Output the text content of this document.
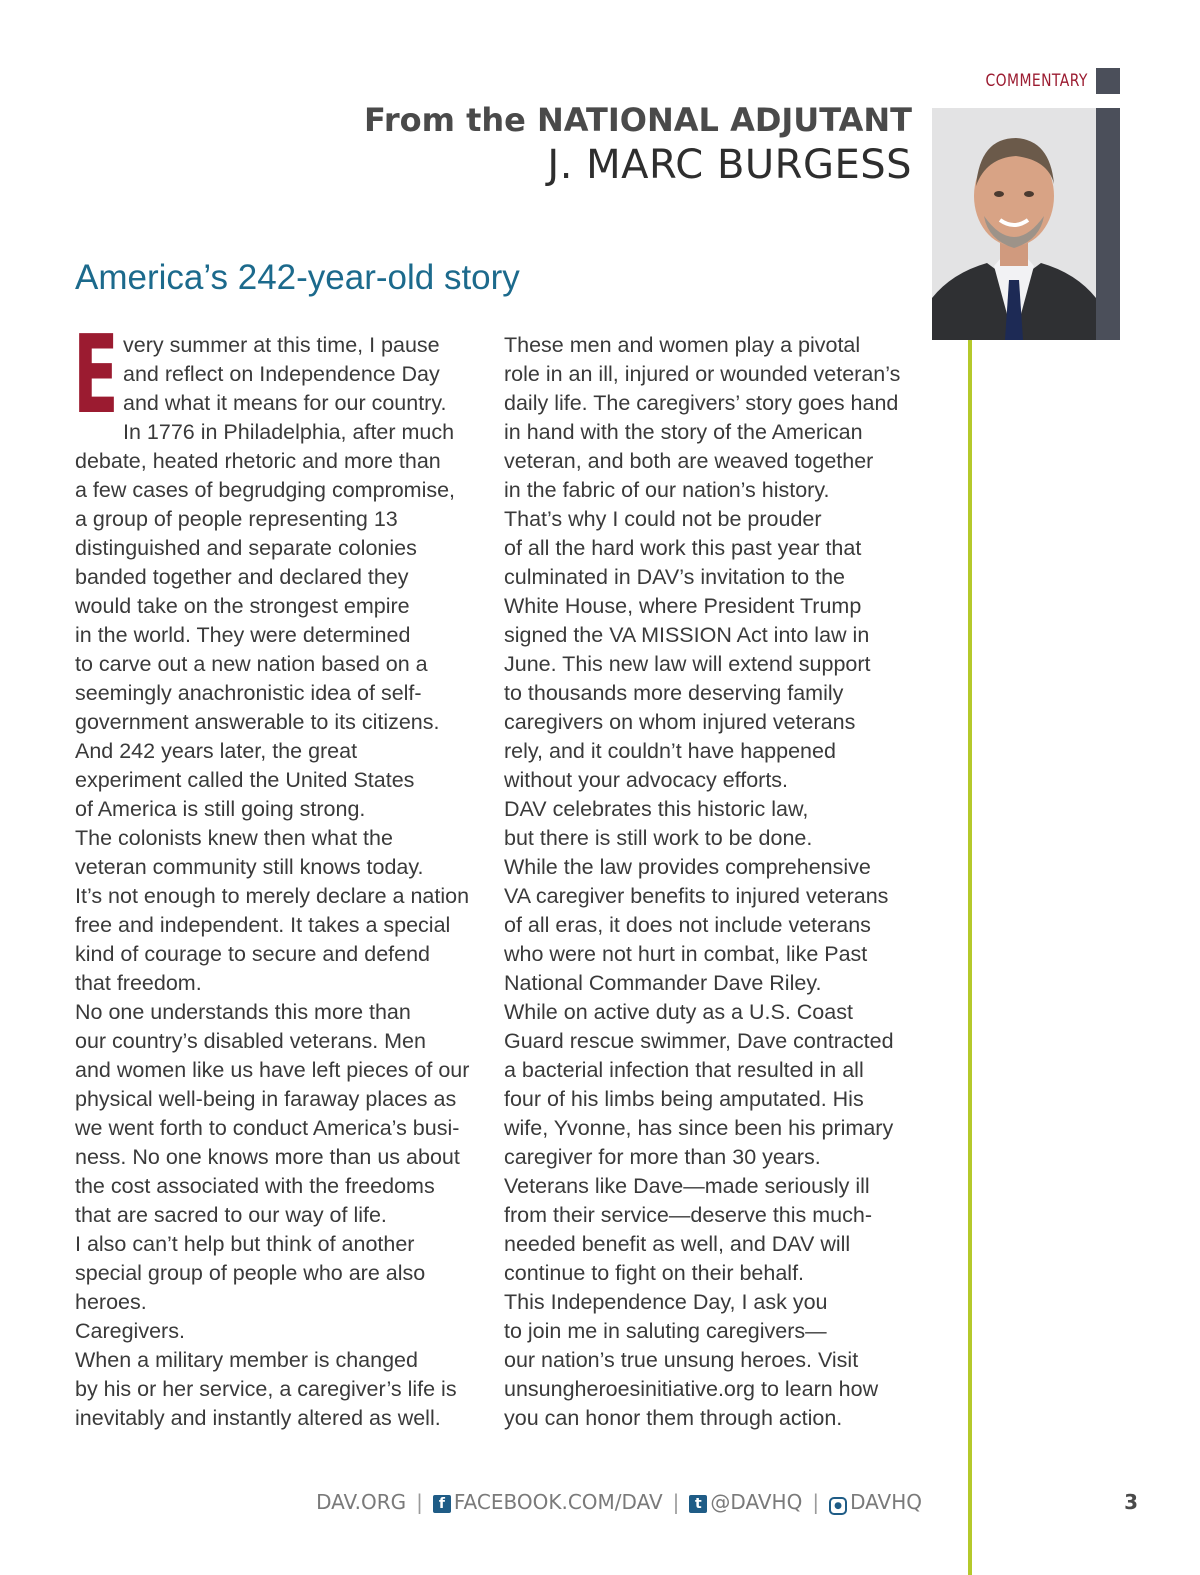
COMMENTARY
From the NATIONAL ADJUTANT
J. MARC BURGESS
America’s 242-year-old story
E very summer at this time, I pause
and reflect on Independence Day
and what it means for our country.

In 1776 in Philadelphia, after much
debate, heated rhetoric and more than
a few cases of begrudging compromise,
a group of people representing 13
distinguished and separate colonies
banded together and declared they
would take on the strongest empire
in the world. They were determined
to carve out a new nation based on a
seemingly anachronistic idea of self-
government answerable to its citizens.

And 242 years later, the great
experiment called the United States
of America is still going strong.

The colonists knew then what the
veteran community still knows today.
It’s not enough to merely declare a nation
free and independent. It takes a special
kind of courage to secure and defend
that freedom.

No one understands this more than
our country’s disabled veterans. Men
and women like us have left pieces of our
physical well-being in faraway places as
we went forth to conduct America’s busi-
ness. No one knows more than us about
the cost associated with the freedoms
that are sacred to our way of life.

I also can’t help but think of another
special group of people who are also
heroes.

Caregivers.

When a military member is changed
by his or her service, a caregiver’s life is
inevitably and instantly altered as well.

These men and women play a pivotal
role in an ill, injured or wounded veteran’s
daily life. The caregivers’ story goes hand
in hand with the story of the American
veteran, and both are weaved together
in the fabric of our nation’s history.

That’s why I could not be prouder
of all the hard work this past year that
culminated in DAV’s invitation to the
White House, where President Trump
signed the VA MISSION Act into law in
June. This new law will extend support
to thousands more deserving family
caregivers on whom injured veterans
rely, and it couldn’t have happened
without your advocacy efforts.

DAV celebrates this historic law,
but there is still work to be done.
While the law provides comprehensive
VA caregiver benefits to injured veterans
of all eras, it does not include veterans
who were not hurt in combat, like Past
National Commander Dave Riley.

While on active duty as a U.S. Coast
Guard rescue swimmer, Dave contracted
a bacterial infection that resulted in all
four of his limbs being amputated. His
wife, Yvonne, has since been his primary
caregiver for more than 30 years.
Veterans like Dave—made seriously ill
from their service—deserve this much-
needed benefit as well, and DAV will
continue to fight on their behalf.

This Independence Day, I ask you
to join me in saluting caregivers—
our nation’s true unsung heroes. Visit
unsungheroesinitiative.org to learn how
you can honor them through action.

DAV.ORG | f FACEBOOK.COM/DAV | t @DAVHQ | ● DAVHQ	3
